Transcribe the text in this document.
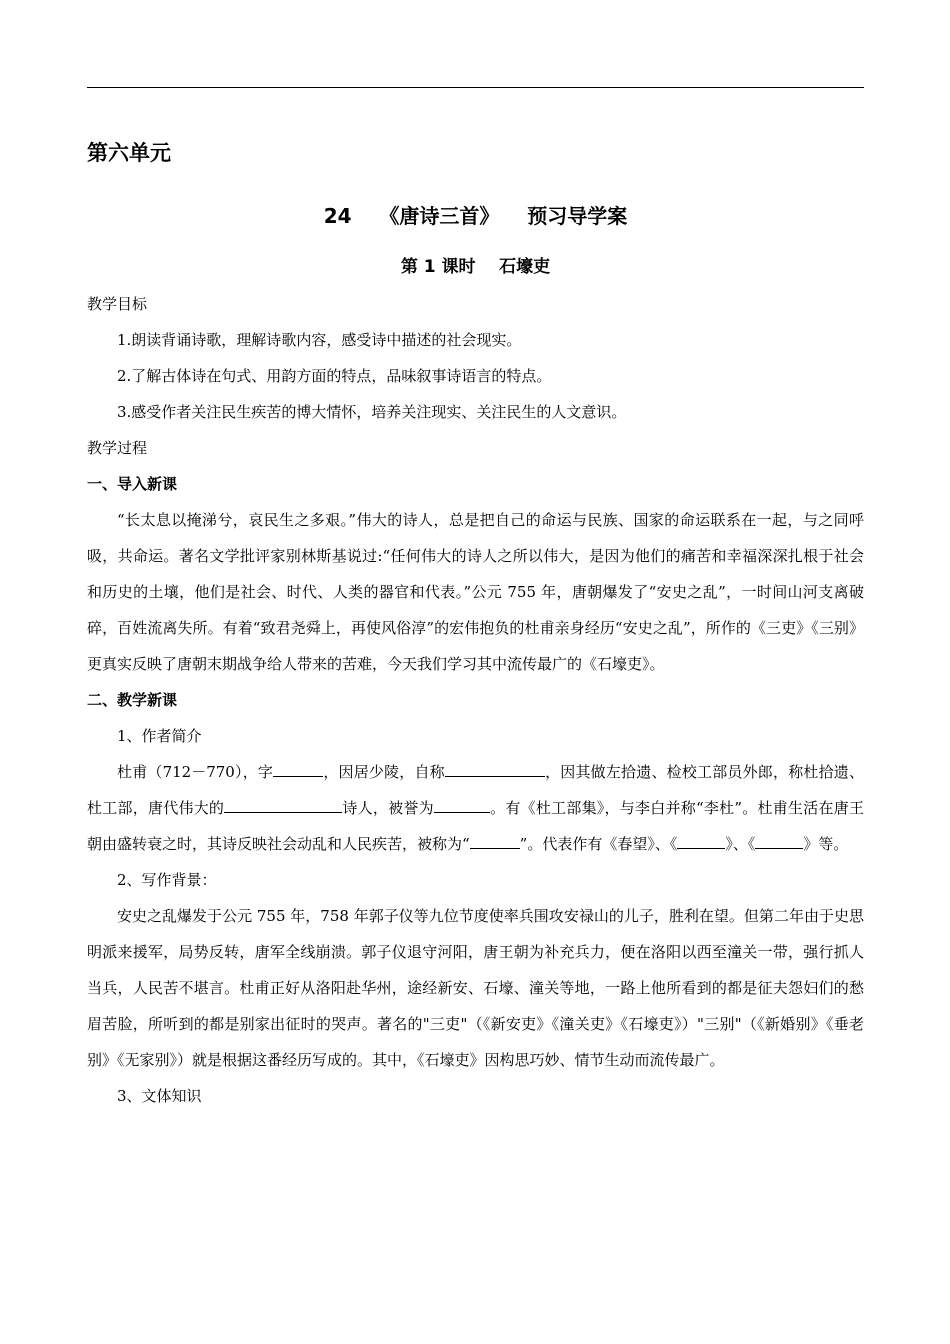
第六单元
24 《唐诗三首》 预习导学案
第 1 课时 石壕吏

教学目标

1.朗读背诵诗歌，理解诗歌内容，感受诗中描述的社会现实。

2.了解古体诗在句式、用韵方面的特点，品味叙事诗语言的特点。

3.感受作者关注民生疾苦的博大情怀，培养关注现实、关注民生的人文意识。

教学过程

一、导入新课

“长太息以掩涕兮，哀民生之多艰。”伟大的诗人，总是把自己的命运与民族、国家的命运联系在一起，与之同呼吸，共命运。著名文学批评家别林斯基说过:“任何伟大的诗人之所以伟大，是因为他们的痛苦和幸福深深扎根于社会和历史的土壤，他们是社会、时代、人类的器官和代表。”公元 755 年，唐朝爆发了“安史之乱”，一时间山河支离破碎，百姓流离失所。有着“致君尧舜上，再使风俗淳”的宏伟抱负的杜甫亲身经历“安史之乱”，所作的《三吏》《三别》更真实反映了唐朝末期战争给人带来的苦难，今天我们学习其中流传最广的《石壕吏》。

二、教学新课

1、作者简介

杜甫（712－770），字	，因居少陵，自称	，因其做左拾遗、检校工部员外郎，称杜拾遗、杜工部，唐代伟大的	诗人，被誉为	。有《杜工部集》，与李白并称“李杜”。杜甫生活在唐王朝由盛转衰之时，其诗反映社会动乱和人民疾苦，被称为“	”。代表作有《春望》、《	》、《	》等。

2、写作背景：

安史之乱爆发于公元 755 年，758 年郭子仪等九位节度使率兵围攻安禄山的儿子，胜利在望。但第二年由于史思明派来援军，局势反转，唐军全线崩溃。郭子仪退守河阳，唐王朝为补充兵力，便在洛阳以西至潼关一带，强行抓人当兵，人民苦不堪言。杜甫正好从洛阳赴华州，途经新安、石壕、潼关等地，一路上他所看到的都是征夫怨妇们的愁眉苦脸，所听到的都是别家出征时的哭声。著名的"三吏"（《新安吏》《潼关吏》《石壕吏》）"三别"（《新婚别》《垂老别》《无家别》）就是根据这番经历写成的。其中，《石壕吏》因构思巧妙、情节生动而流传最广。

3、文体知识
